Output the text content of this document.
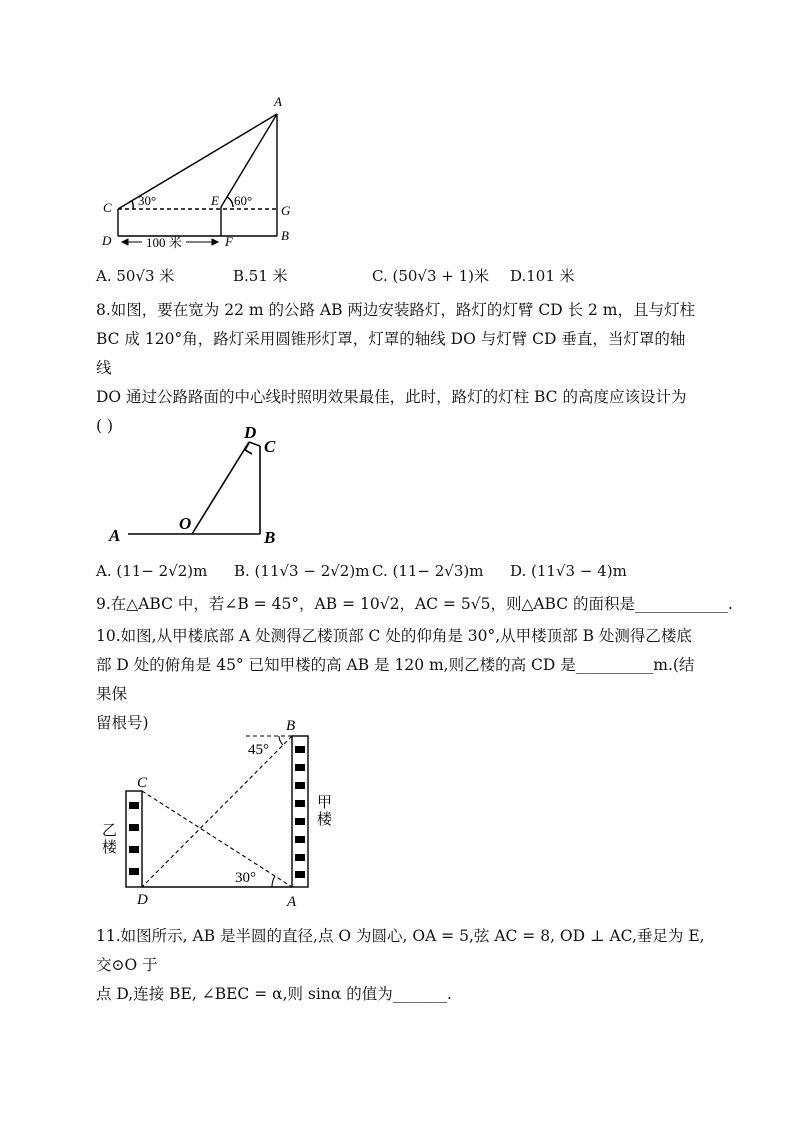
A
C	E
G
D	F	B
30°	60°
100 米
A. 50√3 米	B.51 米	C. (50√3 + 1)米 D.101 米
8.如图，要在宽为 22 m 的公路 AB 两边安装路灯，路灯的灯臂 CD 长 2 m，且与灯柱
BC 成 120°角，路灯采用圆锥形灯罩，灯罩的轴线 DO 与灯臂 CD 垂直，当灯罩的轴线
DO 通过公路路面的中心线时照明效果最佳，此时，路灯的灯柱 BC 的高度应该设计为
( )	D
C
A
O
B
A. (11− 2√2)m B. (11√3 − 2√2)m C. (11− 2√3)m D. (11√3 − 4)m
9.在△ABC 中，若∠B = 45°，AB = 10√2，AC = 5√5，则△ABC 的面积是____________.
10.如图,从甲楼底部 A 处测得乙楼顶部 C 处的仰角是 30°,从甲楼顶部 B 处测得乙楼底
部 D 处的俯角是 45° 已知甲楼的高 AB 是 120 m,则乙楼的高 CD 是__________m.(结果保
留根号)	B
C
D	A
45°
30°
乙
楼
甲
楼
11.如图所示, AB 是半圆的直径,点 O 为圆心, OA = 5,弦 AC = 8, OD ⊥ AC,垂足为 E,交⊙O 于
点 D,连接 BE, ∠BEC = α,则 sinα 的值为_______.
